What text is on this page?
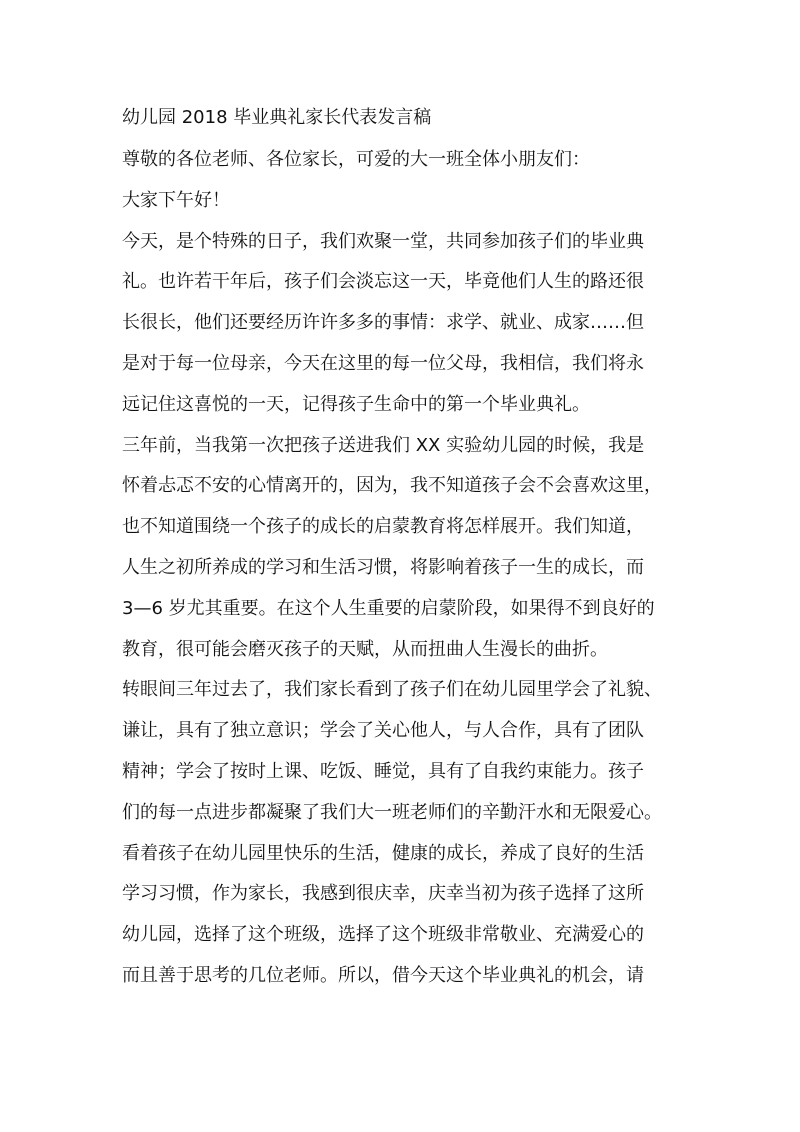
幼儿园 2018 毕业典礼家长代表发言稿
尊敬的各位老师、各位家长，可爱的大一班全体小朋友们：
大家下午好！
今天，是个特殊的日子，我们欢聚一堂，共同参加孩子们的毕业典
礼。也许若干年后，孩子们会淡忘这一天，毕竟他们人生的路还很
长很长，他们还要经历许许多多的事情：求学、就业、成家……但
是对于每一位母亲，今天在这里的每一位父母，我相信，我们将永
远记住这喜悦的一天，记得孩子生命中的第一个毕业典礼。
三年前，当我第一次把孩子送进我们 XX 实验幼儿园的时候，我是
怀着忐忑不安的心情离开的，因为，我不知道孩子会不会喜欢这里，
也不知道围绕一个孩子的成长的启蒙教育将怎样展开。我们知道，
人生之初所养成的学习和生活习惯，将影响着孩子一生的成长，而
3—6 岁尤其重要。在这个人生重要的启蒙阶段，如果得不到良好的
教育，很可能会磨灭孩子的天赋，从而扭曲人生漫长的曲折。
转眼间三年过去了，我们家长看到了孩子们在幼儿园里学会了礼貌、
谦让，具有了独立意识；学会了关心他人，与人合作，具有了团队
精神；学会了按时上课、吃饭、睡觉，具有了自我约束能力。孩子
们的每一点进步都凝聚了我们大一班老师们的辛勤汗水和无限爱心。
看着孩子在幼儿园里快乐的生活，健康的成长，养成了良好的生活
学习习惯，作为家长，我感到很庆幸，庆幸当初为孩子选择了这所
幼儿园，选择了这个班级，选择了这个班级非常敬业、充满爱心的
而且善于思考的几位老师。所以，借今天这个毕业典礼的机会，请
